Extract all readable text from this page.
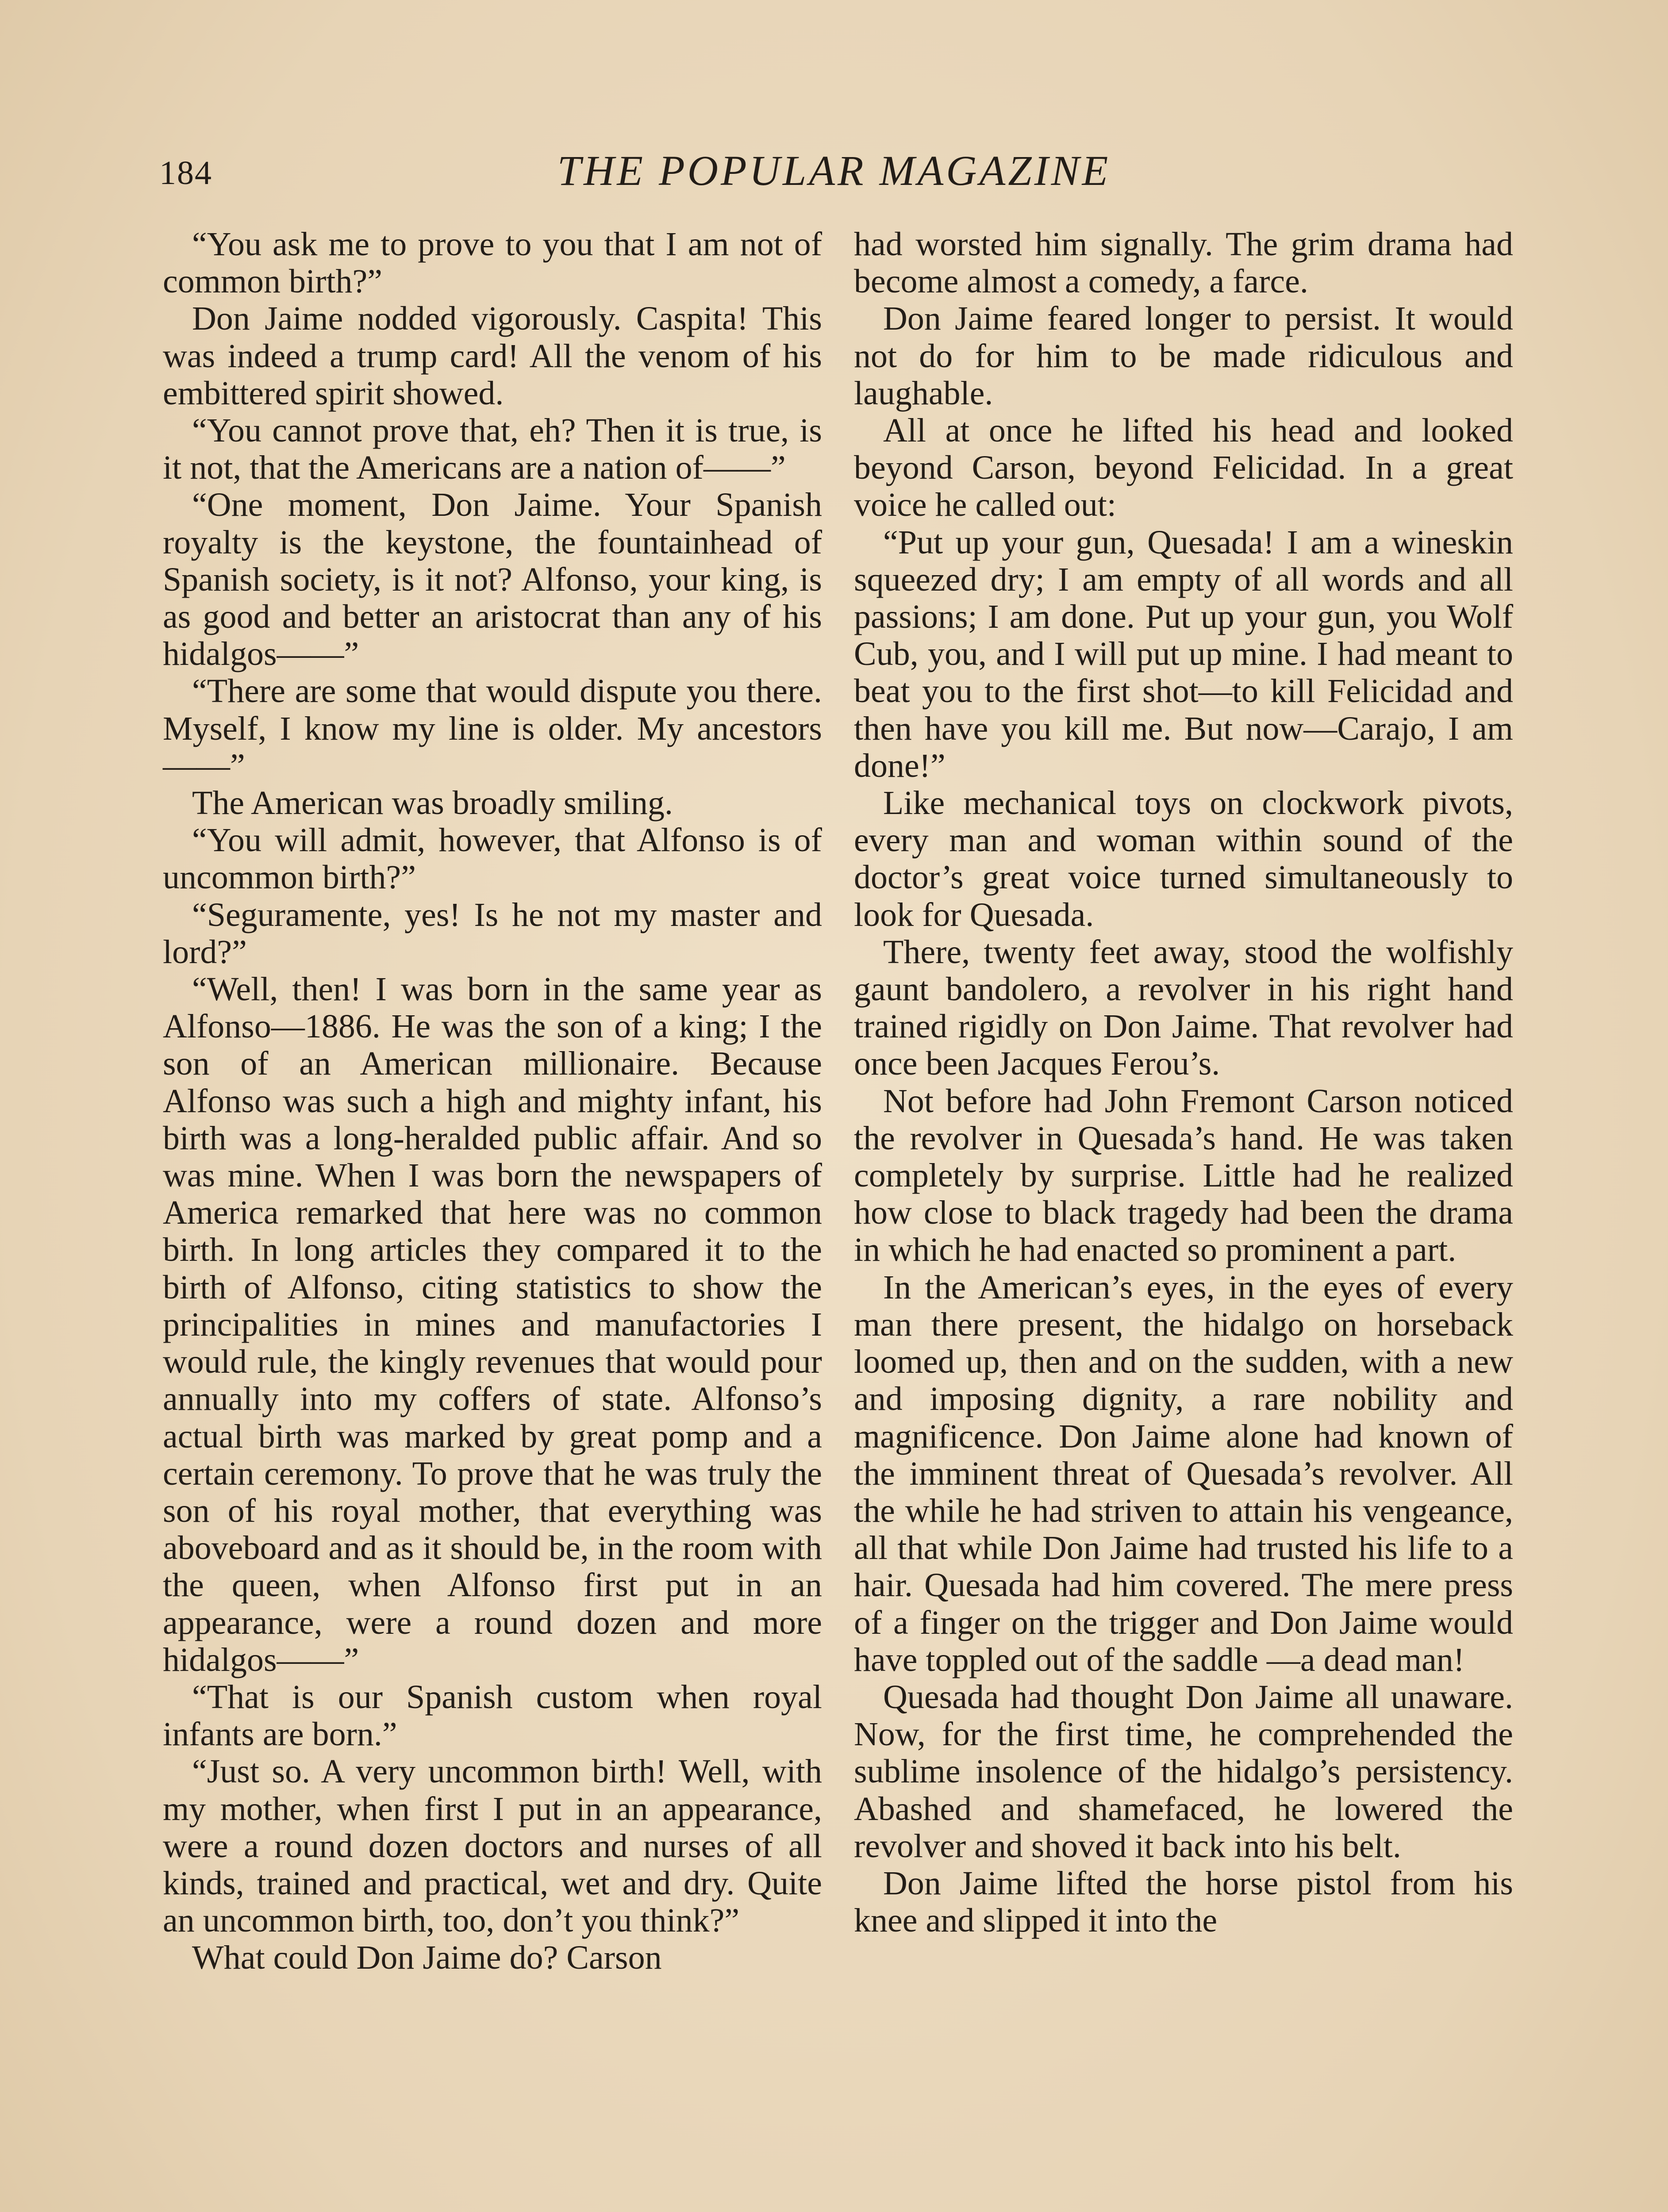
184	THE POPULAR MAGAZINE

“You ask me to prove to you that I am not of common birth?”

Don Jaime nodded vigorously. Caspita! This was indeed a trump card! All the venom of his embittered spirit showed.

“You cannot prove that, eh? Then it is true, is it not, that the Americans are a nation of——”

“One moment, Don Jaime. Your Spanish royalty is the keystone, the fountainhead of Spanish society, is it not? Alfonso, your king, is as good and better an aristocrat than any of his hidalgos——”

“There are some that would dispute you there. Myself, I know my line is older. My ancestors——”

The American was broadly smiling.

“You will admit, however, that Alfonso is of uncommon birth?”

“Seguramente, yes! Is he not my master and lord?”

“Well, then! I was born in the same year as Alfonso—1886. He was the son of a king; I the son of an American millionaire. Because Alfonso was such a high and mighty infant, his birth was a long-heralded public affair. And so was mine. When I was born the newspapers of America remarked that here was no common birth. In long articles they compared it to the birth of Alfonso, citing statistics to show the principalities in mines and manufactories I would rule, the kingly revenues that would pour annually into my coffers of state. Alfonso’s actual birth was marked by great pomp and a certain ceremony. To prove that he was truly the son of his royal mother, that everything was aboveboard and as it should be, in the room with the queen, when Alfonso first put in an appearance, were a round dozen and more hidalgos——”

“That is our Spanish custom when royal infants are born.”

“Just so. A very uncommon birth! Well, with my mother, when first I put in an appearance, were a round dozen doctors and nurses of all kinds, trained and practical, wet and dry. Quite an uncommon birth, too, don’t you think?”

What could Don Jaime do? Carson

had worsted him signally. The grim drama had become almost a comedy, a farce.

Don Jaime feared longer to persist. It would not do for him to be made ridiculous and laughable.

All at once he lifted his head and looked beyond Carson, beyond Felicidad. In a great voice he called out:

“Put up your gun, Quesada! I am a wineskin squeezed dry; I am empty of all words and all passions; I am done. Put up your gun, you Wolf Cub, you, and I will put up mine. I had meant to beat you to the first shot—to kill Felicidad and then have you kill me. But now—Carajo, I am done!”

Like mechanical toys on clockwork pivots, every man and woman within sound of the doctor’s great voice turned simultaneously to look for Quesada.

There, twenty feet away, stood the wolfishly gaunt bandolero, a revolver in his right hand trained rigidly on Don Jaime. That revolver had once been Jacques Ferou’s.

Not before had John Fremont Carson noticed the revolver in Quesada’s hand. He was taken completely by surprise. Little had he realized how close to black tragedy had been the drama in which he had enacted so prominent a part.

In the American’s eyes, in the eyes of every man there present, the hidalgo on horseback loomed up, then and on the sudden, with a new and imposing dignity, a rare nobility and magnificence. Don Jaime alone had known of the imminent threat of Quesada’s revolver. All the while he had striven to attain his vengeance, all that while Don Jaime had trusted his life to a hair. Quesada had him covered. The mere press of a finger on the trigger and Don Jaime would have toppled out of the saddle —a dead man!

Quesada had thought Don Jaime all unaware. Now, for the first time, he comprehended the sublime insolence of the hidalgo’s persistency. Abashed and shamefaced, he lowered the revolver and shoved it back into his belt.

Don Jaime lifted the horse pistol from his knee and slipped it into the
